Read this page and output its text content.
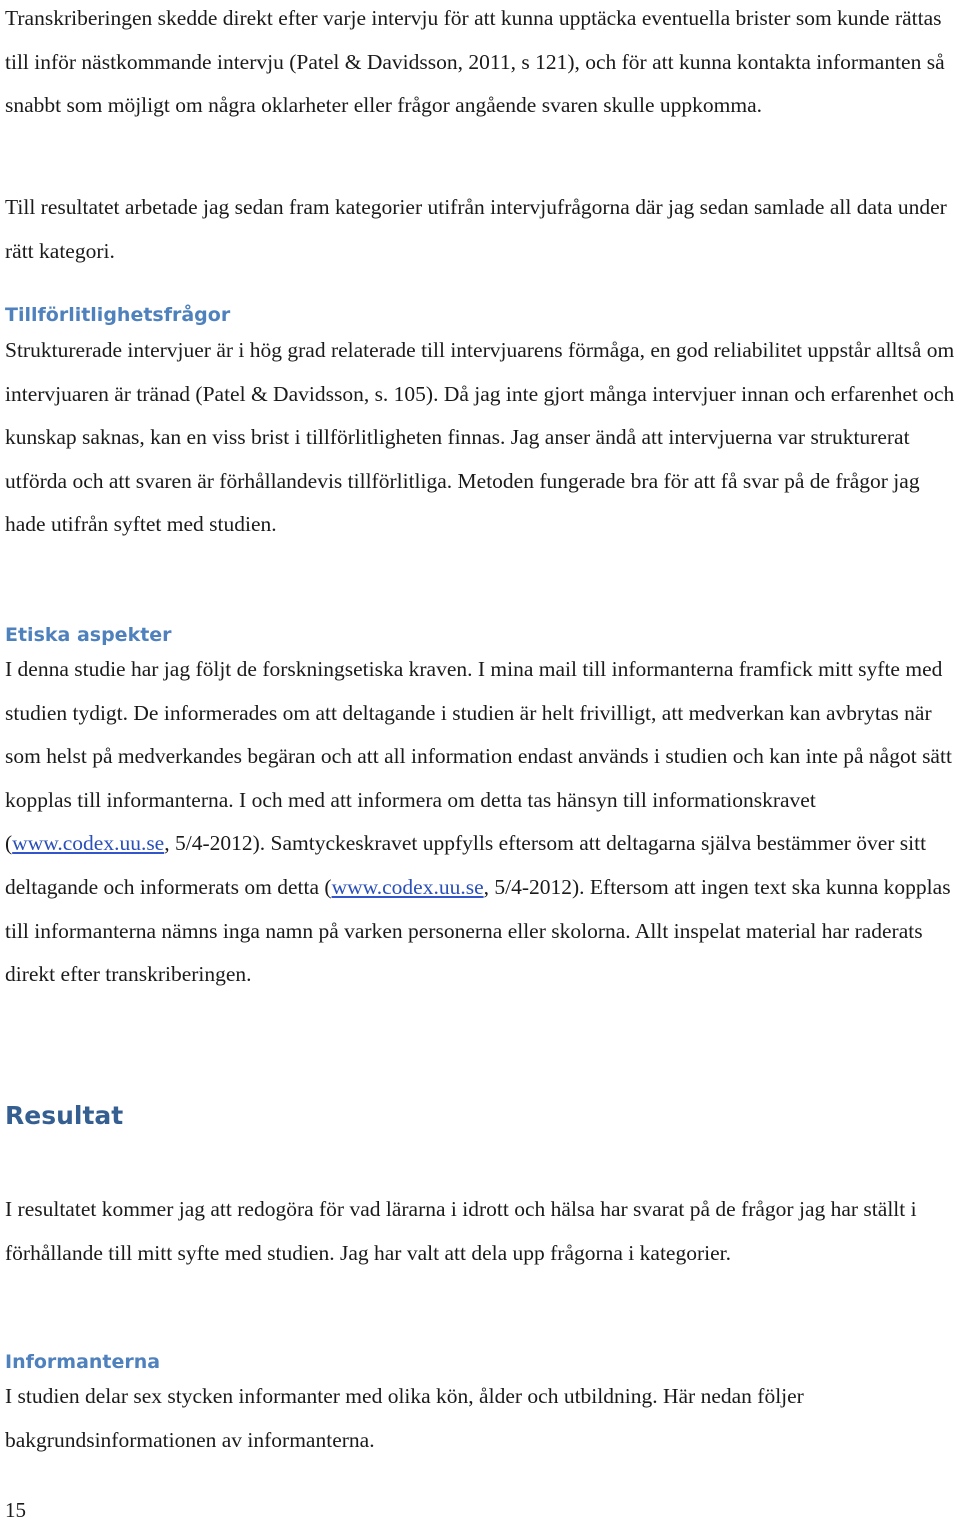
Transkriberingen skedde direkt efter varje intervju för att kunna upptäcka eventuella brister som kunde rättas till inför nästkommande intervju (Patel & Davidsson, 2011, s 121), och för att kunna kontakta informanten så snabbt som möjligt om några oklarheter eller frågor angående svaren skulle uppkomma.

Till resultatet arbetade jag sedan fram kategorier utifrån intervjufrågorna där jag sedan samlade all data under rätt kategori.

Tillförlitlighetsfrågor

Strukturerade intervjuer är i hög grad relaterade till intervjuarens förmåga, en god reliabilitet uppstår alltså om intervjuaren är tränad (Patel & Davidsson, s. 105). Då jag inte gjort många intervjuer innan och erfarenhet och kunskap saknas, kan en viss brist i tillförlitligheten finnas. Jag anser ändå att intervjuerna var strukturerat utförda och att svaren är förhållandevis tillförlitliga. Metoden fungerade bra för att få svar på de frågor jag hade utifrån syftet med studien.

Etiska aspekter

I denna studie har jag följt de forskningsetiska kraven. I mina mail till informanterna framfick mitt syfte med studien tydigt. De informerades om att deltagande i studien är helt frivilligt, att medverkan kan avbrytas när som helst på medverkandes begäran och att all information endast används i studien och kan inte på något sätt kopplas till informanterna. I och med att informera om detta tas hänsyn till informationskravet (www.codex.uu.se, 5/4-2012). Samtyckeskravet uppfylls eftersom att deltagarna själva bestämmer över sitt deltagande och informerats om detta (www.codex.uu.se, 5/4-2012). Eftersom att ingen text ska kunna kopplas till informanterna nämns inga namn på varken personerna eller skolorna. Allt inspelat material har raderats direkt efter transkriberingen.

Resultat

I resultatet kommer jag att redogöra för vad lärarna i idrott och hälsa har svarat på de frågor jag har ställt i förhållande till mitt syfte med studien. Jag har valt att dela upp frågorna i kategorier.

Informanterna

I studien delar sex stycken informanter med olika kön, ålder och utbildning. Här nedan följer bakgrundsinformationen av informanterna.

15
